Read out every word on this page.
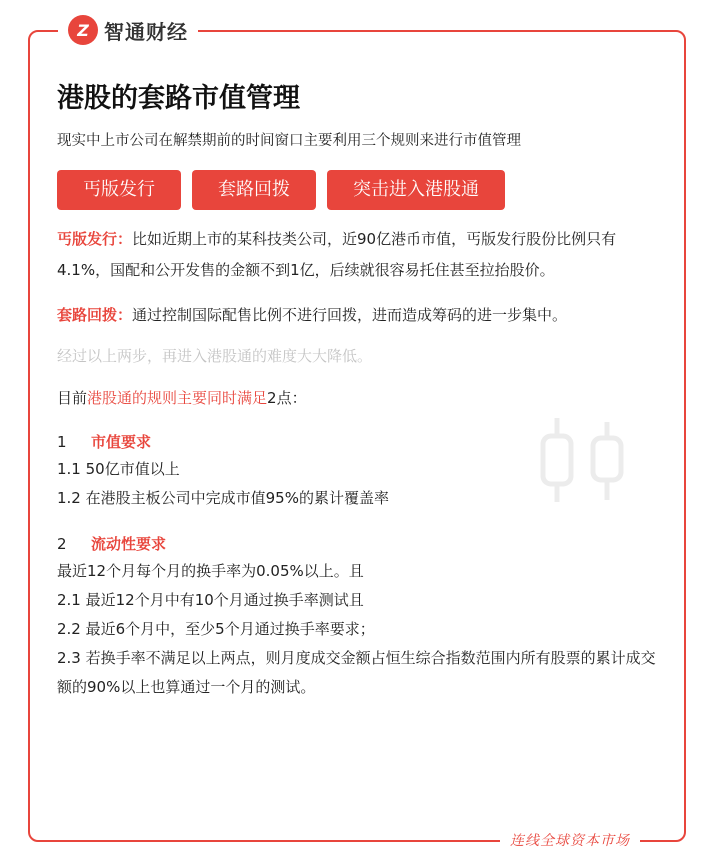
Z 智通财经
港股的套路市值管理
现实中上市公司在解禁期前的时间窗口主要利用三个规则来进行市值管理
丐版发行	套路回拨	突击进入港股通
丐版发行：比如近期上市的某科技类公司，近90亿港币市值，丐版发行股份比例只有4.1%，国配和公开发售的金额不到1亿，后续就很容易托住甚至拉抬股价。
套路回拨：通过控制国际配售比例不进行回拨，进而造成筹码的进一步集中。
经过以上两步，再进入港股通的难度大大降低。
目前港股通的规则主要同时满足2点：
1	市值要求
1.1 50亿市值以上
1.2 在港股主板公司中完成市值95%的累计覆盖率
2	流动性要求
最近12个月每个月的换手率为0.05%以上。且
2.1 最近12个月中有10个月通过换手率测试且
2.2 最近6个月中，至少5个月通过换手率要求；
2.3 若换手率不满足以上两点，则月度成交金额占恒生综合指数范围内所有股票的累计成交额的90%以上也算通过一个月的测试。
连线全球资本市场
